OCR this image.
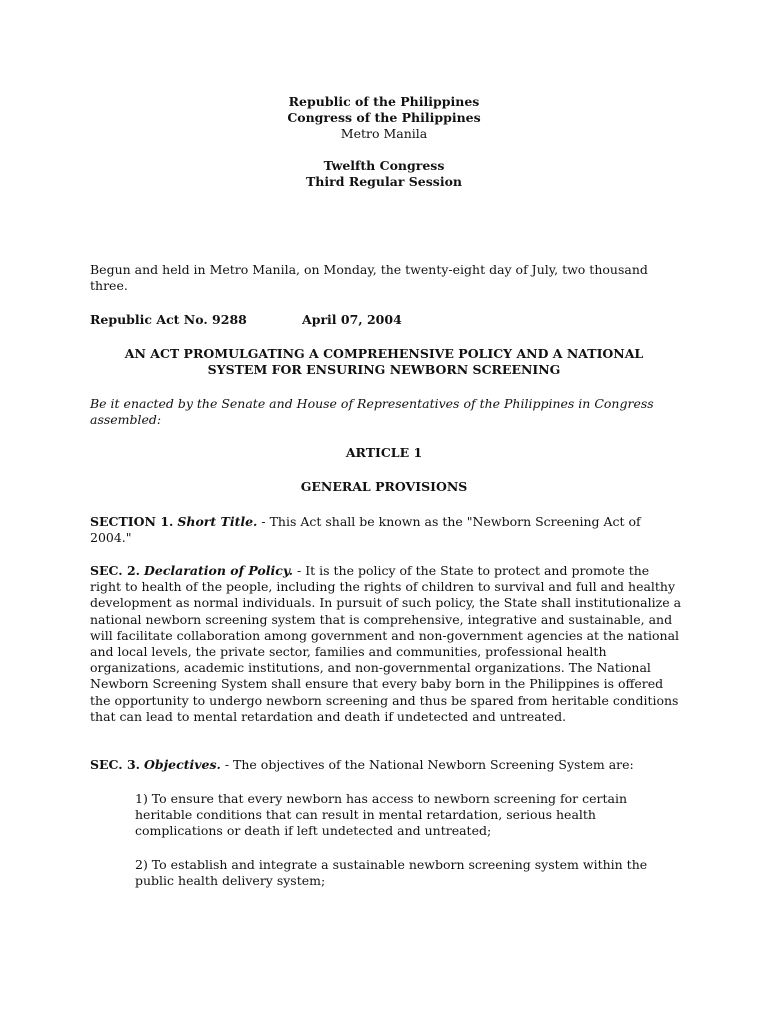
Republic of the Philippines
Congress of the Philippines
Metro Manila
Twelfth Congress
Third Regular Session
Begun and held in Metro Manila, on Monday, the twenty-eight day of July, two thousand three.
Republic Act No. 9288	April 07, 2004
AN ACT PROMULGATING A COMPREHENSIVE POLICY AND A NATIONAL SYSTEM FOR ENSURING NEWBORN SCREENING
Be it enacted by the Senate and House of Representatives of the Philippines in Congress assembled:
ARTICLE 1
GENERAL PROVISIONS
SECTION 1. Short Title. - This Act shall be known as the "Newborn Screening Act of 2004."
SEC. 2. Declaration of Policy. - It is the policy of the State to protect and promote the right to health of the people, including the rights of children to survival and full and healthy development as normal individuals. In pursuit of such policy, the State shall institutionalize a national newborn screening system that is comprehensive, integrative and sustainable, and will facilitate collaboration among government and non-government agencies at the national and local levels, the private sector, families and communities, professional health organizations, academic institutions, and non-governmental organizations. The National Newborn Screening System shall ensure that every baby born in the Philippines is offered the opportunity to undergo newborn screening and thus be spared from heritable conditions that can lead to mental retardation and death if undetected and untreated.
SEC. 3. Objectives. - The objectives of the National Newborn Screening System are:
1) To ensure that every newborn has access to newborn screening for certain heritable conditions that can result in mental retardation, serious health complications or death if left undetected and untreated;
2) To establish and integrate a sustainable newborn screening system within the public health delivery system;
